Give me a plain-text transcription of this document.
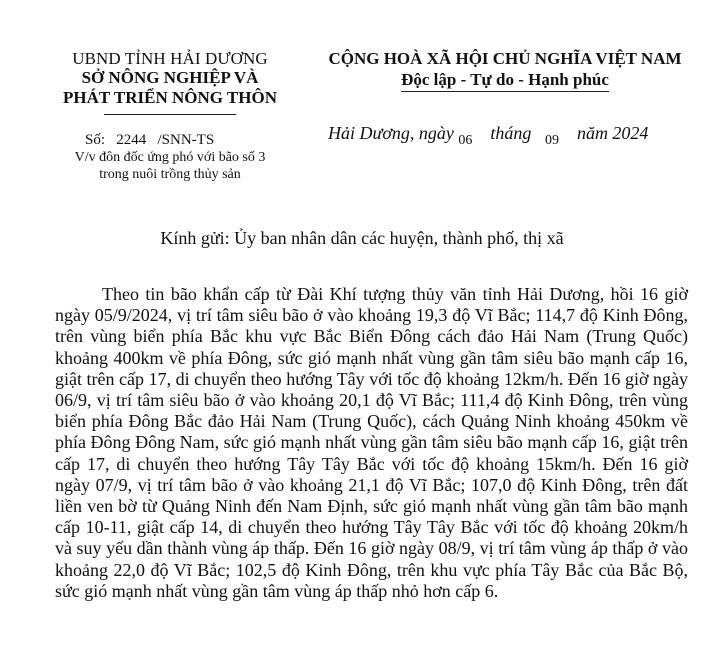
UBND TỈNH HẢI DƯƠNG
SỞ NÔNG NGHIỆP VÀ
PHÁT TRIỂN NÔNG THÔN
Số: 2244 /SNN-TS
V/v đôn đốc ứng phó với bão số 3
trong nuôi trồng thủy sản
CỘNG HOÀ XÃ HỘI CHỦ NGHĨA VIỆT NAM
Độc lập - Tự do - Hạnh phúc
Hải Dương, ngày $_{06}$ tháng $_{09}$ năm 2024
Kính gửi: Ủy ban nhân dân các huyện, thành phố, thị xã

Theo tin bão khẩn cấp từ Đài Khí tượng thủy văn tỉnh Hải Dương, hồi 16 giờ ngày 05/9/2024, vị trí tâm siêu bão ở vào khoảng 19,3 độ Vĩ Bắc; 114,7 độ Kinh Đông, trên vùng biển phía Bắc khu vực Bắc Biển Đông cách đảo Hải Nam (Trung Quốc) khoảng 400km về phía Đông, sức gió mạnh nhất vùng gần tâm siêu bão mạnh cấp 16, giật trên cấp 17, di chuyển theo hướng Tây với tốc độ khoảng 12km/h. Đến 16 giờ ngày 06/9, vị trí tâm siêu bão ở vào khoảng 20,1 độ Vĩ Bắc; 111,4 độ Kinh Đông, trên vùng biển phía Đông Bắc đảo Hải Nam (Trung Quốc), cách Quảng Ninh khoảng 450km về phía Đông Đông Nam, sức gió mạnh nhất vùng gần tâm siêu bão mạnh cấp 16, giật trên cấp 17, di chuyển theo hướng Tây Tây Bắc với tốc độ khoảng 15km/h. Đến 16 giờ ngày 07/9, vị trí tâm bão ở vào khoảng 21,1 độ Vĩ Bắc; 107,0 độ Kinh Đông, trên đất liền ven bờ từ Quảng Ninh đến Nam Định, sức gió mạnh nhất vùng gần tâm bão mạnh cấp 10-11, giật cấp 14, di chuyển theo hướng Tây Tây Bắc với tốc độ khoảng 20km/h và suy yếu dần thành vùng áp thấp. Đến 16 giờ ngày 08/9, vị trí tâm vùng áp thấp ở vào khoảng 22,0 độ Vĩ Bắc; 102,5 độ Kinh Đông, trên khu vực phía Tây Bắc của Bắc Bộ, sức gió mạnh nhất vùng gần tâm vùng áp thấp nhỏ hơn cấp 6.
